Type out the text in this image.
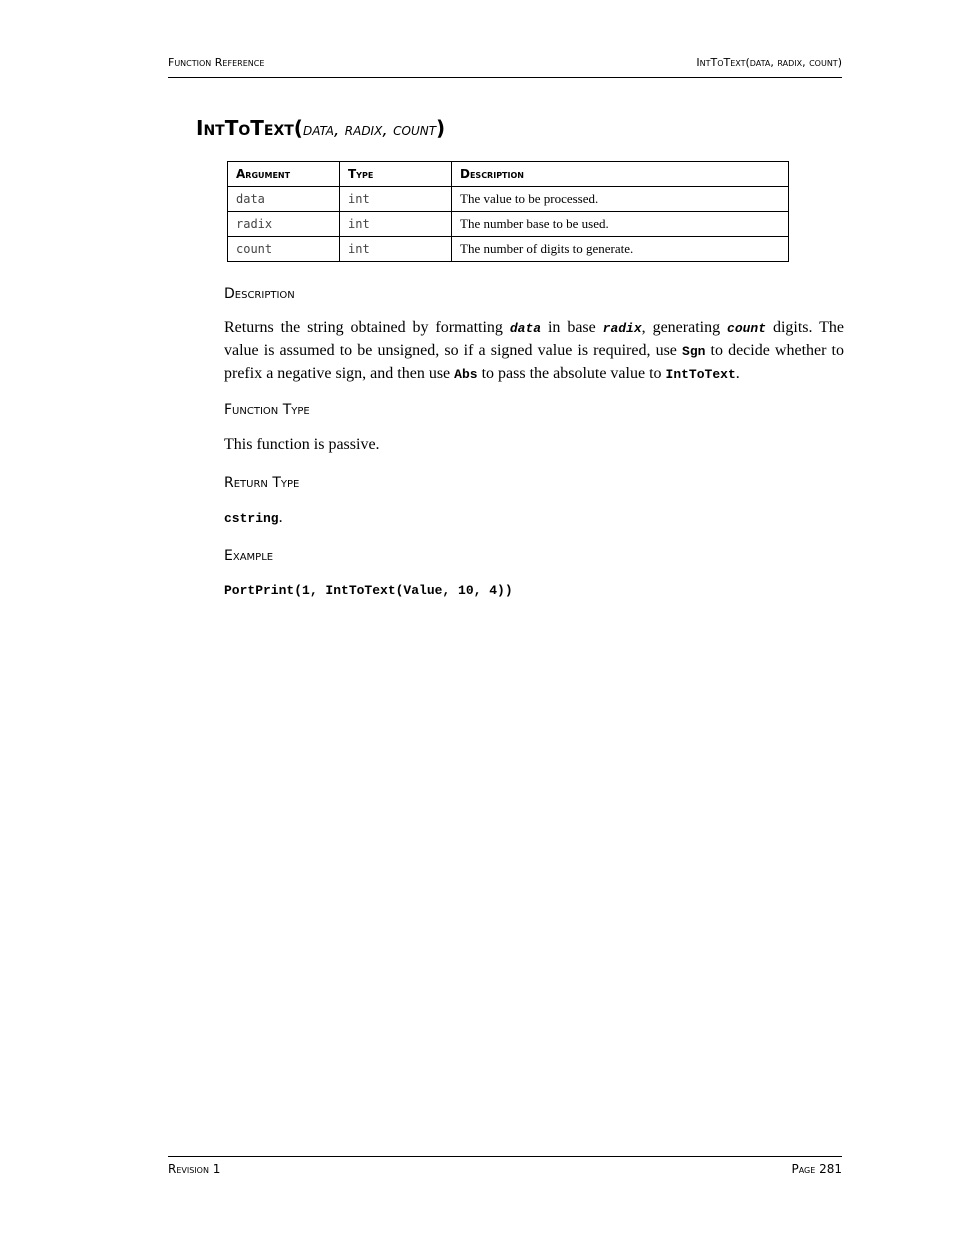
Function Reference	IntToText(data, radix, count)
IntToText(data, radix, count)
Argument	Type	Description
data	int	The value to be processed.
radix	int	The number base to be used.
count	int	The number of digits to generate.
Description
Returns the string obtained by formatting data in base radix, generating count digits. The value is assumed to be unsigned, so if a signed value is required, use Sgn to decide whether to prefix a negative sign, and then use Abs to pass the absolute value to IntToText.
Function Type
This function is passive.
Return Type
cstring.
Example
PortPrint(1, IntToText(Value, 10, 4))
Revision 1	Page 281
